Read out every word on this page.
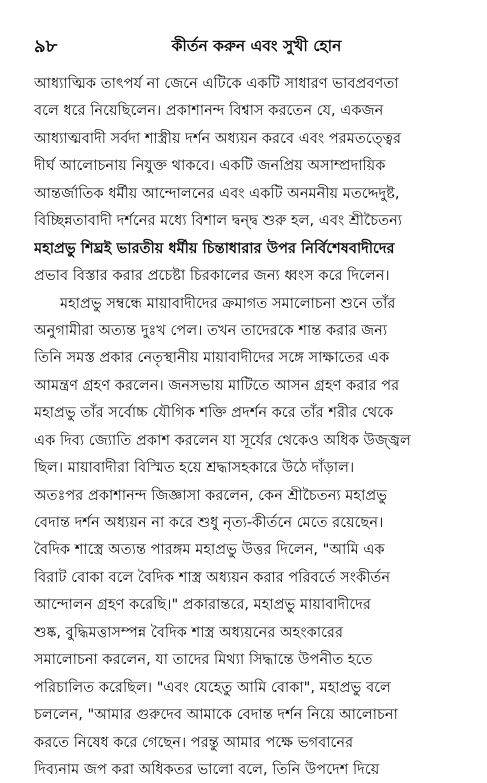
৯৮	কীর্তন করুন এবং সুখী হোন
আধ্যাত্মিক তাৎপর্য না জেনে এটিকে একটি সাধারণ ভাবপ্রবণতা
বলে ধরে নিয়েছিলেন। প্রকাশানন্দ বিশ্বাস করতেন যে, একজন
আধ্যাত্মবাদী সর্বদা শাস্ত্রীয় দর্শন অধ্যয়ন করবে এবং পরমতত্ত্বের
দীর্ঘ আলোচনায় নিযুক্ত থাকবে। একটি জনপ্রিয় অসাম্প্রদায়িক
আন্তর্জাতিক ধর্মীয় আন্দোলনের এবং একটি অনমনীয় মতদ্দেদুষ্ট,
বিচ্ছিন্নতাবাদী দর্শনের মধ্যে বিশাল দ্বন্দ্ব শুরু হল, এবং শ্রীচৈতন্য
মহাপ্রভু শিঘ্রই ভারতীয় ধর্মীয় চিন্তাধারার উপর নির্বিশেষবাদীদের
প্রভাব বিস্তার করার প্রচেষ্টা চিরকালের জন্য ধ্বংস করে দিলেন।
মহাপ্রভু সম্বন্ধে মায়াবাদীদের ক্রমাগত সমালোচনা শুনে তাঁর
অনুগামীরা অত্যন্ত দুঃখ পেল। তখন তাদেরকে শান্ত করার জন্য
তিনি সমস্ত প্রকার নেতৃস্থানীয় মায়াবাদীদের সঙ্গে সাক্ষাতের এক
আমন্ত্রণ গ্রহণ করলেন। জনসভায় মাটিতে আসন গ্রহণ করার পর
মহাপ্রভু তাঁর সর্বোচ্চ যৌগিক শক্তি প্রদর্শন করে তাঁর শরীর থেকে
এক দিব্য জ্যোতি প্রকাশ করলেন যা সূর্যের থেকেও অধিক উজ্জ্বল
ছিল। মায়াবাদীরা বিস্মিত হয়ে শ্রদ্ধাসহকারে উঠে দাঁড়াল।
অতঃপর প্রকাশানন্দ জিজ্ঞাসা করলেন, কেন শ্রীচৈতন্য মহাপ্রভু
বেদান্ত দর্শন অধ্যয়ন না করে শুধু নৃত্য-কীর্তনে মেতে রয়েছেন।
বৈদিক শাস্ত্রে অত্যন্ত পারঙ্গম মহাপ্রভু উত্তর দিলেন, "আমি এক
বিরাট বোকা বলে বৈদিক শাস্ত্র অধ্যয়ন করার পরিবর্তে সংকীর্তন
আন্দোলন গ্রহণ করেছি।" প্রকারান্তরে, মহাপ্রভু মায়াবাদীদের
শুষ্ক, বুদ্ধিমত্তাসম্পন্ন বৈদিক শাস্ত্র অধ্যয়নের অহংকারের
সমালোচনা করলেন, যা তাদের মিথ্যা সিদ্ধান্তে উপনীত হতে
পরিচালিত করেছিল। "এবং যেহেতু আমি বোকা", মহাপ্রভু বলে
চললেন, "আমার গুরুদেব আমাকে বেদান্ত দর্শন নিয়ে আলোচনা
করতে নিষেধ করে গেছেন। পরন্তু আমার পক্ষে ভগবানের
দিব্যনাম জপ করা অধিকতর ভালো বলে, তিনি উপদেশ দিয়ে
